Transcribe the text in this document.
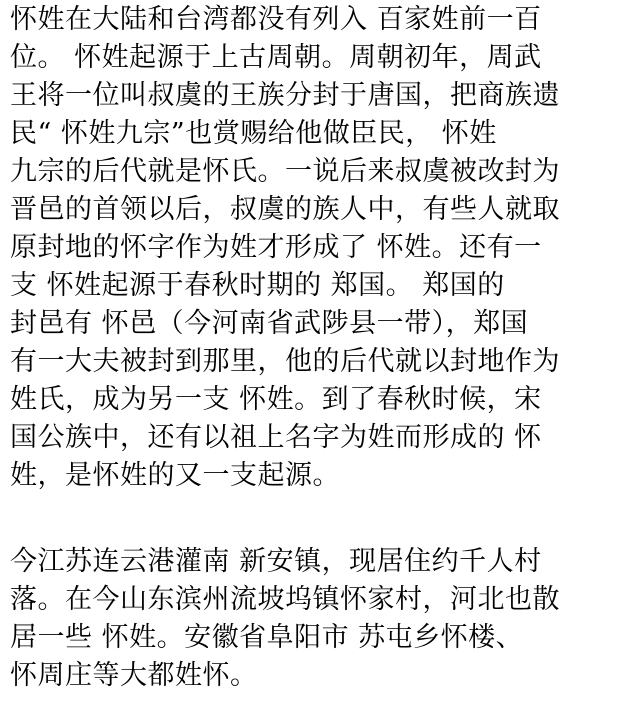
怀姓在大陆和台湾都没有列入 百家姓前一百
位。 怀姓起源于上古周朝。周朝初年，周武
王将一位叫叔虞的王族分封于唐国，把商族遗
民“ 怀姓九宗”也赏赐给他做臣民， 怀姓
九宗的后代就是怀氏。一说后来叔虞被改封为
晋邑的首领以后，叔虞的族人中，有些人就取
原封地的怀字作为姓才形成了 怀姓。还有一
支 怀姓起源于春秋时期的 郑国。 郑国的
封邑有 怀邑（今河南省武陟县一带），郑国
有一大夫被封到那里，他的后代就以封地作为
姓氏，成为另一支 怀姓。到了春秋时候，宋
国公族中，还有以祖上名字为姓而形成的 怀
姓，是怀姓的又一支起源。
今江苏连云港灌南 新安镇，现居住约千人村
落。在今山东滨州流坡坞镇怀家村，河北也散
居一些 怀姓。安徽省阜阳市 苏屯乡怀楼、
怀周庄等大都姓怀。
